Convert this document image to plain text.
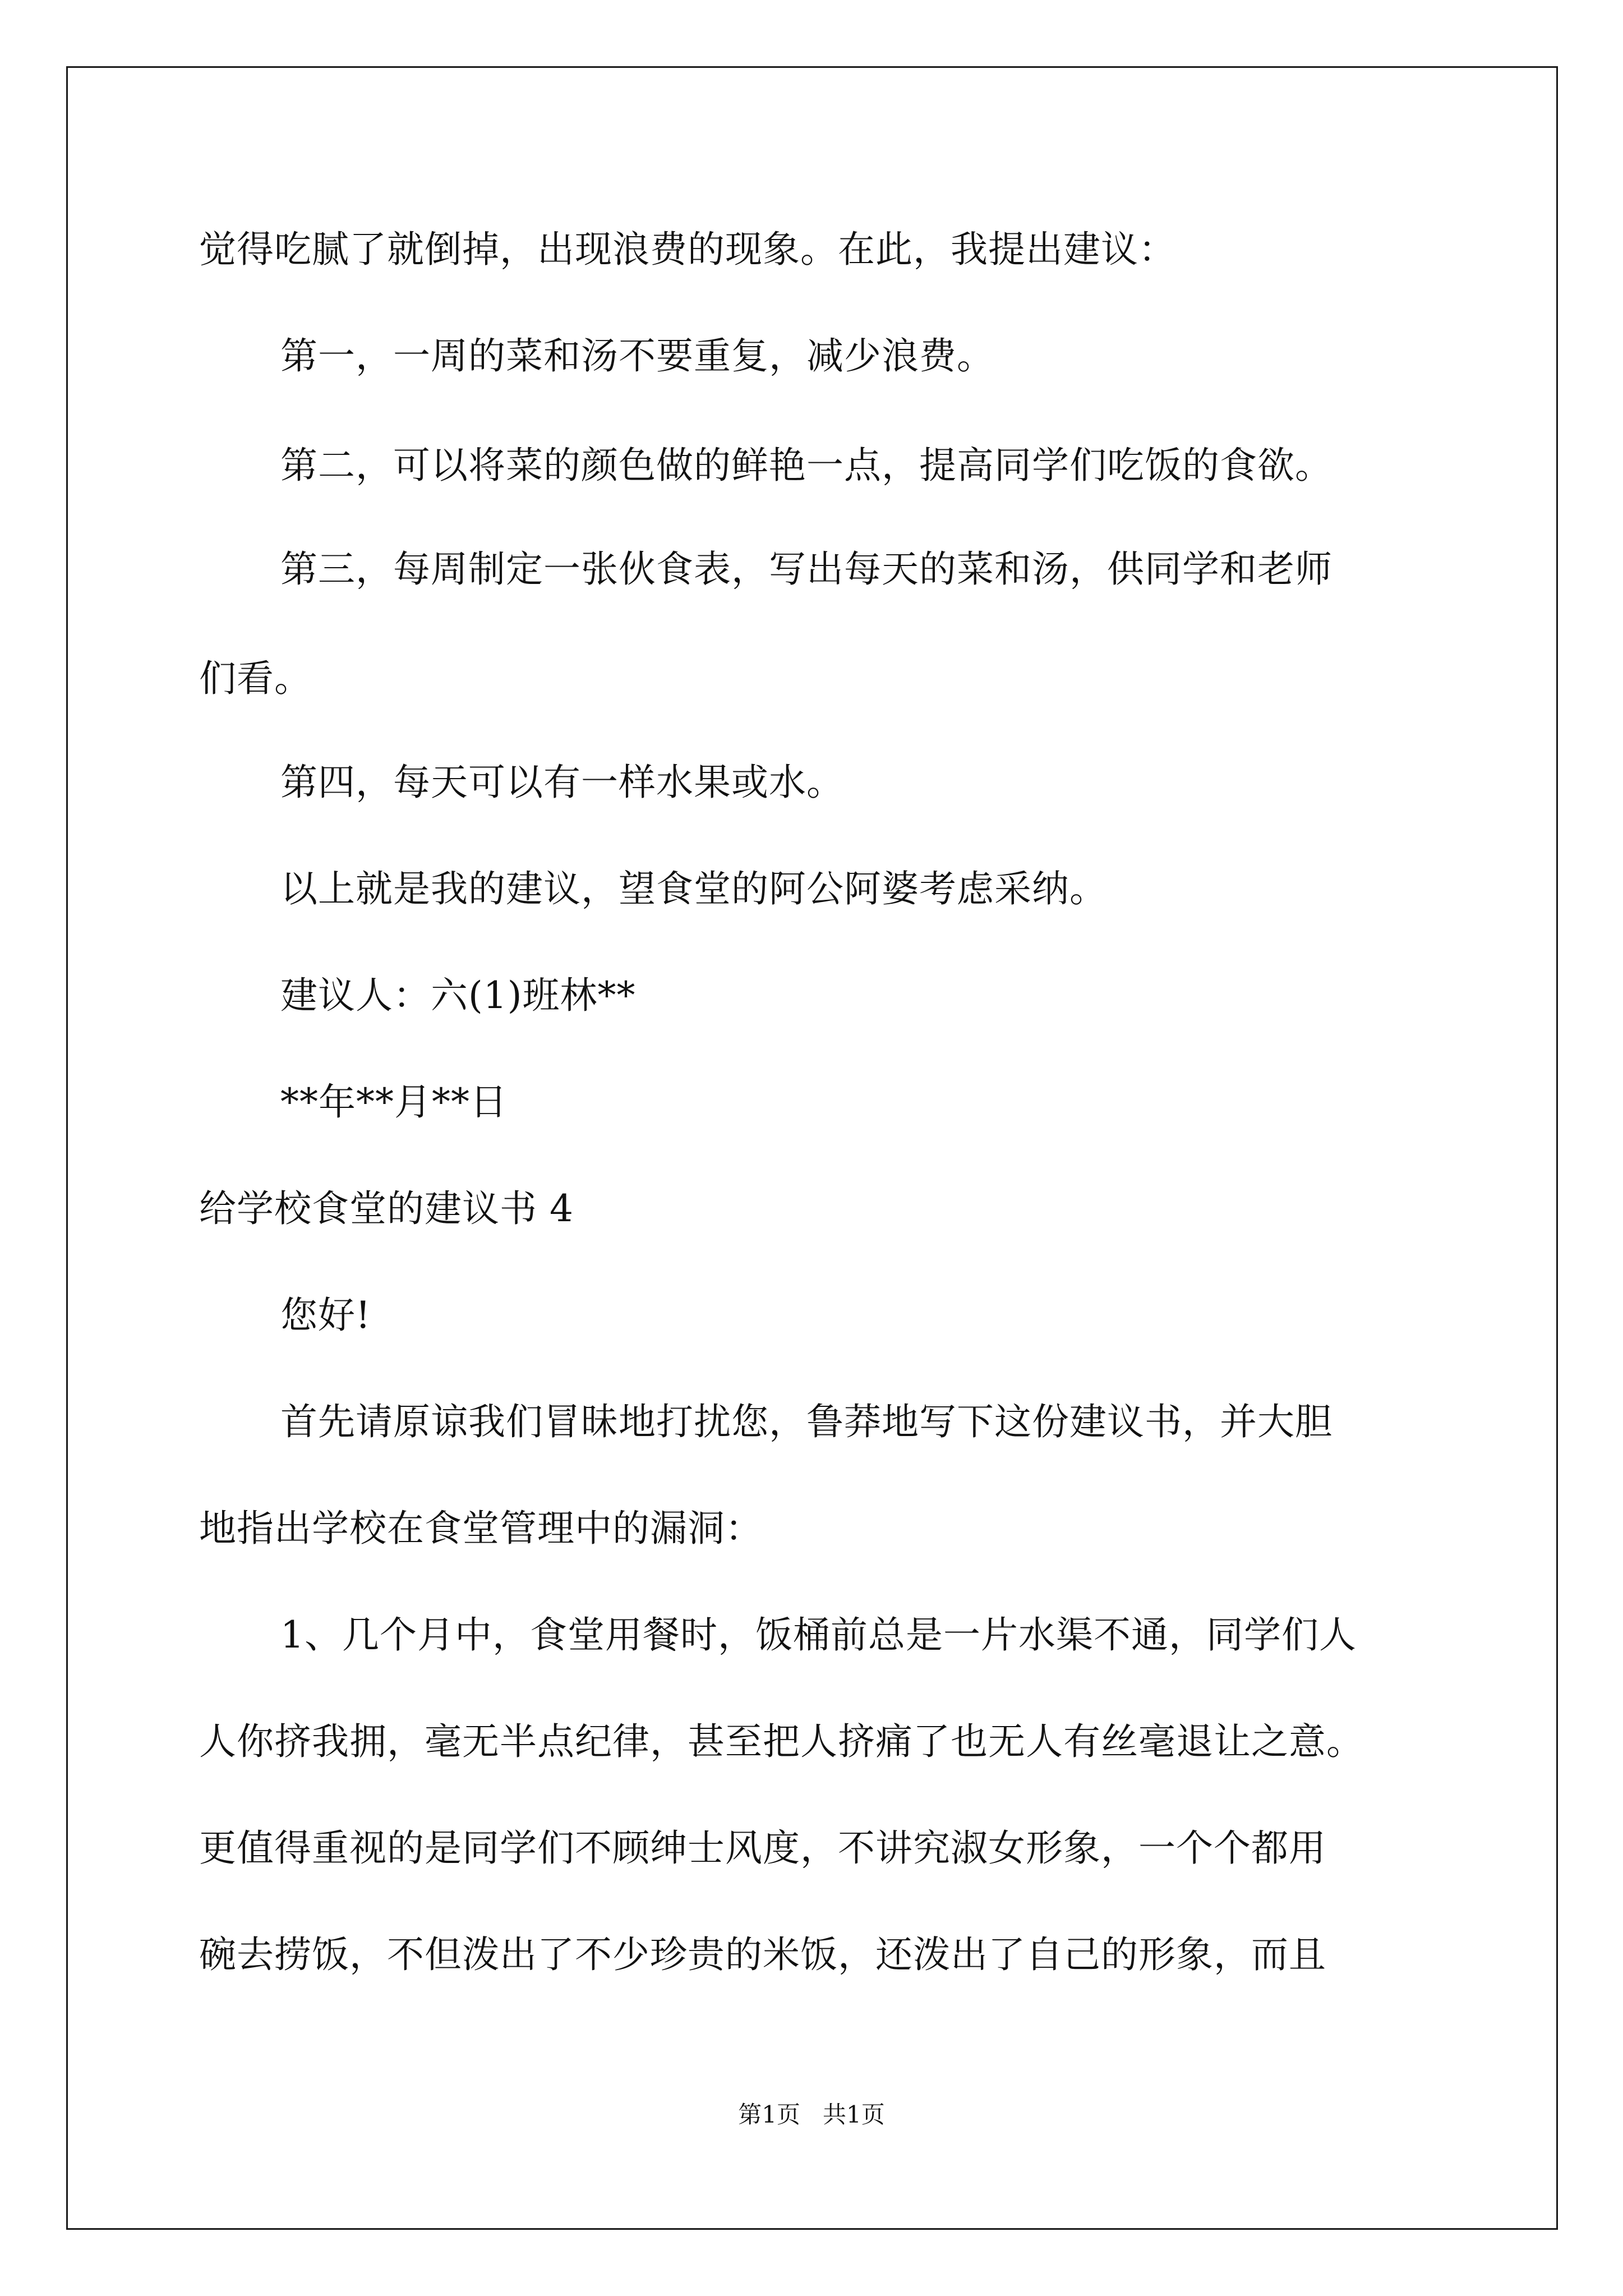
觉得吃腻了就倒掉，出现浪费的现象。在此，我提出建议：
第一，一周的菜和汤不要重复，减少浪费。
第二，可以将菜的颜色做的鲜艳一点，提高同学们吃饭的食欲。
第三，每周制定一张伙食表，写出每天的菜和汤，供同学和老师
们看。
第四，每天可以有一样水果或水。
以上就是我的建议，望食堂的阿公阿婆考虑采纳。
建议人：六(1)班林**
**年**月**日
给学校食堂的建议书 4
您好!
首先请原谅我们冒昧地打扰您，鲁莽地写下这份建议书，并大胆
地指出学校在食堂管理中的漏洞：
1、几个月中，食堂用餐时，饭桶前总是一片水渠不通，同学们人
人你挤我拥，毫无半点纪律，甚至把人挤痛了也无人有丝毫退让之意。
更值得重视的是同学们不顾绅士风度，不讲究淑女形象，一个个都用
碗去捞饭，不但泼出了不少珍贵的米饭，还泼出了自己的形象，而且
第1页   共1页
